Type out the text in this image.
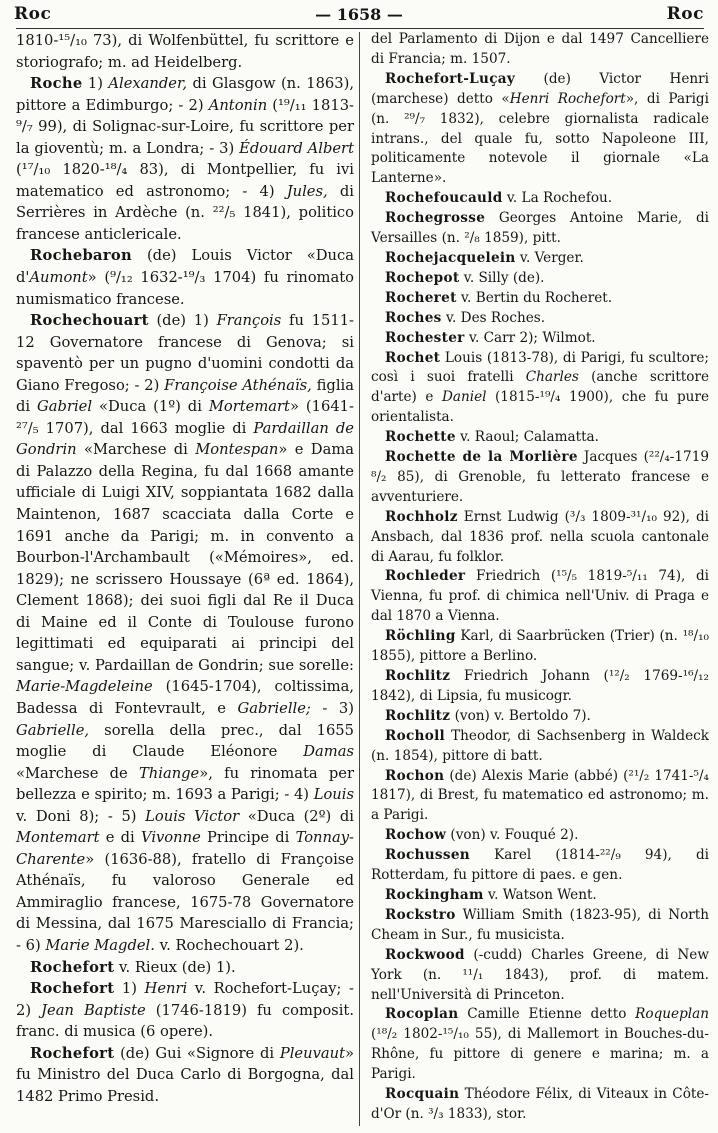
Roc	— 1658 —	Roc

1810-¹⁵/₁₀ 73), di Wolfenbüttel, fu scrittore e storiografo; m. ad Heidelberg.

Roche 1) Alexander, di Glasgow (n. 1863), pittore a Edimburgo; - 2) Antonin (¹⁹/₁₁ 1813-⁹/₇ 99), di Solignac-sur-Loire, fu scrittore per la gioventù; m. a Londra; - 3) Édouard Albert (¹⁷/₁₀ 1820-¹⁸/₄ 83), di Montpellier, fu ivi matematico ed astronomo; - 4) Jules, di Serrières in Ardèche (n. ²²/₅ 1841), politico francese anticlericale.

Rochebaron (de) Louis Victor «Duca d'Aumont» (⁹/₁₂ 1632-¹⁹/₃ 1704) fu rinomato numismatico francese.

Rochechouart (de) 1) François fu 1511-12 Governatore francese di Genova; si spaventò per un pugno d'uomini condotti da Giano Fregoso; - 2) Françoise Athénaïs, figlia di Gabriel «Duca (1º) di Mortemart» (1641-²⁷/₅ 1707), dal 1663 moglie di Pardaillan de Gondrin «Marchese di Montespan» e Dama di Palazzo della Regina, fu dal 1668 amante ufficiale di Luigi XIV, soppiantata 1682 dalla Maintenon, 1687 scacciata dalla Corte e 1691 anche da Parigi; m. in convento a Bourbon-l'Archambault («Mémoires», ed. 1829); ne scrissero Houssaye (6ª ed. 1864), Clement 1868); dei suoi figli dal Re il Duca di Maine ed il Conte di Toulouse furono legittimati ed equiparati ai principi del sangue; v. Pardaillan de Gondrin; sue sorelle: Marie-Magdeleine (1645-1704), coltissima, Badessa di Fontevrault, e Gabrielle; - 3) Gabrielle, sorella della prec., dal 1655 moglie di Claude Eléonore Damas «Marchese de Thiange», fu rinomata per bellezza e spirito; m. 1693 a Parigi; - 4) Louis v. Doni 8); - 5) Louis Victor «Duca (2º) di Montemart e di Vivonne Principe di Tonnay-Charente» (1636-88), fratello di Françoise Athénaïs, fu valoroso Generale ed Ammiraglio francese, 1675-78 Governatore di Messina, dal 1675 Maresciallo di Francia; - 6) Marie Magdel. v. Rochechouart 2).

Rochefort v. Rieux (de) 1).

Rochefort 1) Henri v. Rochefort-Luçay; - 2) Jean Baptiste (1746-1819) fu composit. franc. di musica (6 opere).

Rochefort (de) Gui «Signore di Pleuvaut» fu Ministro del Duca Carlo di Borgogna, dal 1482 Primo Presid.

del Parlamento di Dijon e dal 1497 Cancelliere di Francia; m. 1507.

Rochefort-Luçay (de) Victor Henri (marchese) detto «Henri Rochefort», di Parigi (n. ²⁹/₇ 1832), celebre giornalista radicale intrans., del quale fu, sotto Napoleone III, politicamente notevole il giornale «La Lanterne».

Rochefoucauld v. La Rochefou.

Rochegrosse Georges Antoine Marie, di Versailles (n. ²/₈ 1859), pitt.

Rochejacquelein v. Verger.

Rochepot v. Silly (de).

Rocheret v. Bertin du Rocheret.

Roches v. Des Roches.

Rochester v. Carr 2); Wilmot.

Rochet Louis (1813-78), di Parigi, fu scultore; così i suoi fratelli Charles (anche scrittore d'arte) e Daniel (1815-¹⁹/₄ 1900), che fu pure orientalista.

Rochette v. Raoul; Calamatta.

Rochette de la Morlière Jacques (²²/₄-1719 ⁸/₂ 85), di Grenoble, fu letterato francese e avventuriere.

Rochholz Ernst Ludwig (³/₃ 1809-³¹/₁₀ 92), di Ansbach, dal 1836 prof. nella scuola cantonale di Aarau, fu folklor.

Rochleder Friedrich (¹⁵/₅ 1819-⁵/₁₁ 74), di Vienna, fu prof. di chimica nell'Univ. di Praga e dal 1870 a Vienna.

Röchling Karl, di Saarbrücken (Trier) (n. ¹⁸/₁₀ 1855), pittore a Berlino.

Rochlitz Friedrich Johann (¹²/₂ 1769-¹⁶/₁₂ 1842), di Lipsia, fu musicogr.

Rochlitz (von) v. Bertoldo 7).

Rocholl Theodor, di Sachsenberg in Waldeck (n. 1854), pittore di batt.

Rochon (de) Alexis Marie (abbé) (²¹/₂ 1741-⁵/₄ 1817), di Brest, fu matematico ed astronomo; m. a Parigi.

Rochow (von) v. Fouqué 2).

Rochussen Karel (1814-²²/₉ 94), di Rotterdam, fu pittore di paes. e gen.

Rockingham v. Watson Went.

Rockstro William Smith (1823-95), di North Cheam in Sur., fu musicista.

Rockwood (-cudd) Charles Greene, di New York (n. ¹¹/₁ 1843), prof. di matem. nell'Università di Princeton.

Rocoplan Camille Etienne detto Roqueplan (¹⁸/₂ 1802-¹⁵/₁₀ 55), di Mallemort in Bouches-du-Rhône, fu pittore di genere e marina; m. a Parigi.

Rocquain Théodore Félix, di Viteaux in Côte-d'Or (n. ³/₃ 1833), stor.
